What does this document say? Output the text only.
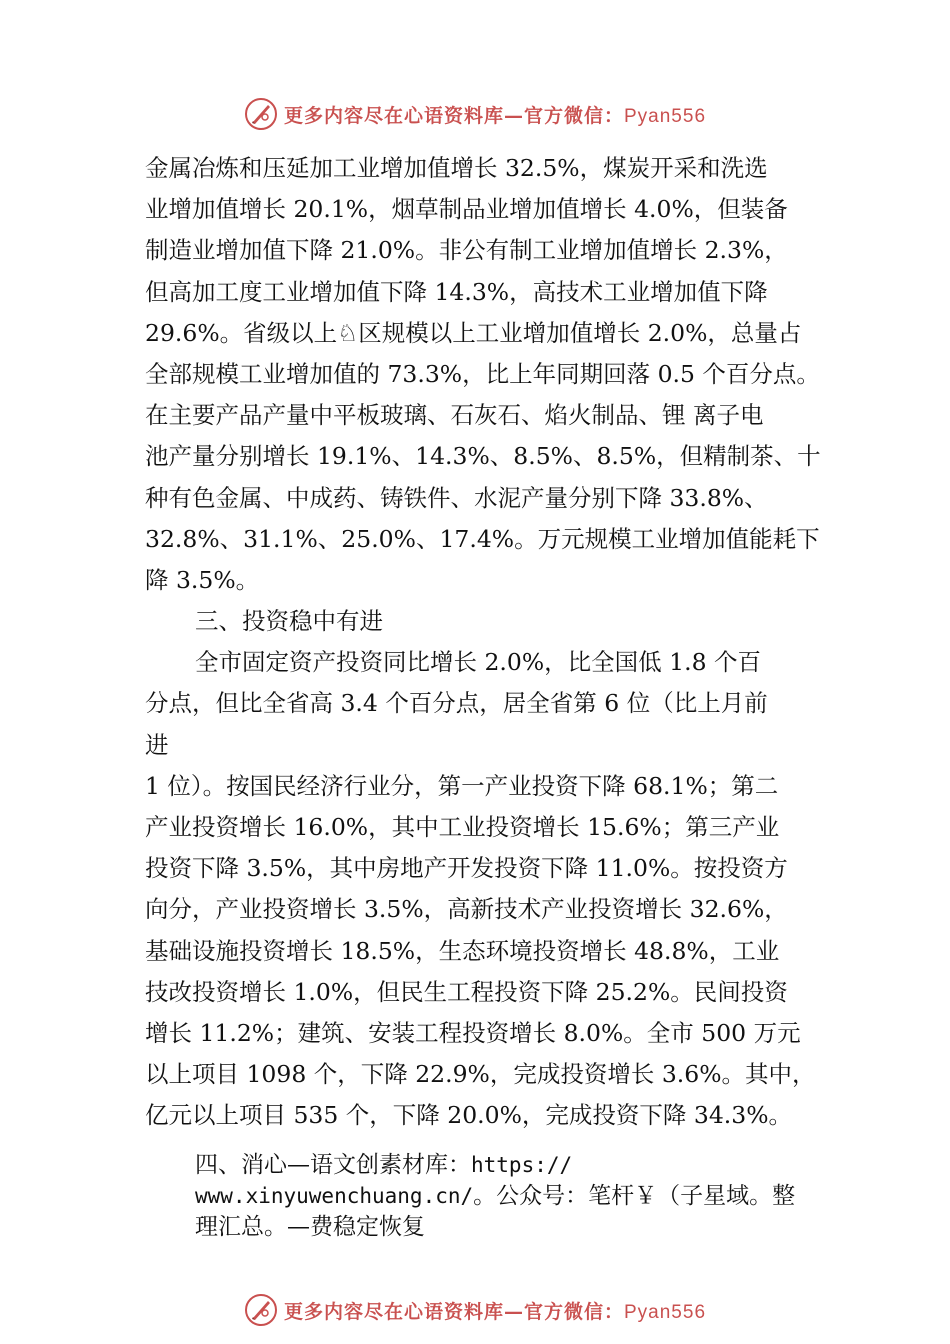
更多内容尽在心语资料库—官方微信：Pyan556
金属冶炼和压延加工业增加值增长 32.5%，煤炭开采和洗选
业增加值增长 20.1%，烟草制品业增加值增长 4.0%，但装备
制造业增加值下降 21.0%。非公有制工业增加值增长 2.3%，
但高加工度工业增加值下降 14.3%，高技术工业增加值下降
29.6%。省级以上♘区规模以上工业增加值增长 2.0%，总量占
全部规模工业增加值的 73.3%，比上年同期回落 0.5 个百分点。
在主要产品产量中平板玻璃、石灰石、焰火制品、锂 离子电
池产量分别增长 19.1%、14.3%、8.5%、8.5%，但精制茶、十
种有色金属、中成药、铸铁件、水泥产量分别下降 33.8%、
32.8%、31.1%、25.0%、17.4%。万元规模工业增加值能耗下
降 3.5%。
三、投资稳中有进
全市固定资产投资同比增长 2.0%，比全国低 1.8 个百
分点，但比全省高 3.4 个百分点，居全省第 6 位（比上月前
进
1 位）。按国民经济行业分，第一产业投资下降 68.1%；第二
产业投资增长 16.0%，其中工业投资增长 15.6%；第三产业
投资下降 3.5%，其中房地产开发投资下降 11.0%。按投资方
向分，产业投资增长 3.5%，高新技术产业投资增长 32.6%，
基础设施投资增长 18.5%，生态环境投资增长 48.8%，工业
技改投资增长 1.0%，但民生工程投资下降 25.2%。民间投资
增长 11.2%；建筑、安装工程投资增长 8.0%。全市 500 万元
以上项目 1098 个，下降 22.9%，完成投资增长 3.6%。其中，
亿元以上项目 535 个，下降 20.0%，完成投资下降 34.3%。
四、消心—语文创素材库：https://
www.xinyuwenchuang.cn/。公众号：笔杆￥（子星域。整
理汇总。—费稳定恢复
更多内容尽在心语资料库—官方微信：Pyan556
